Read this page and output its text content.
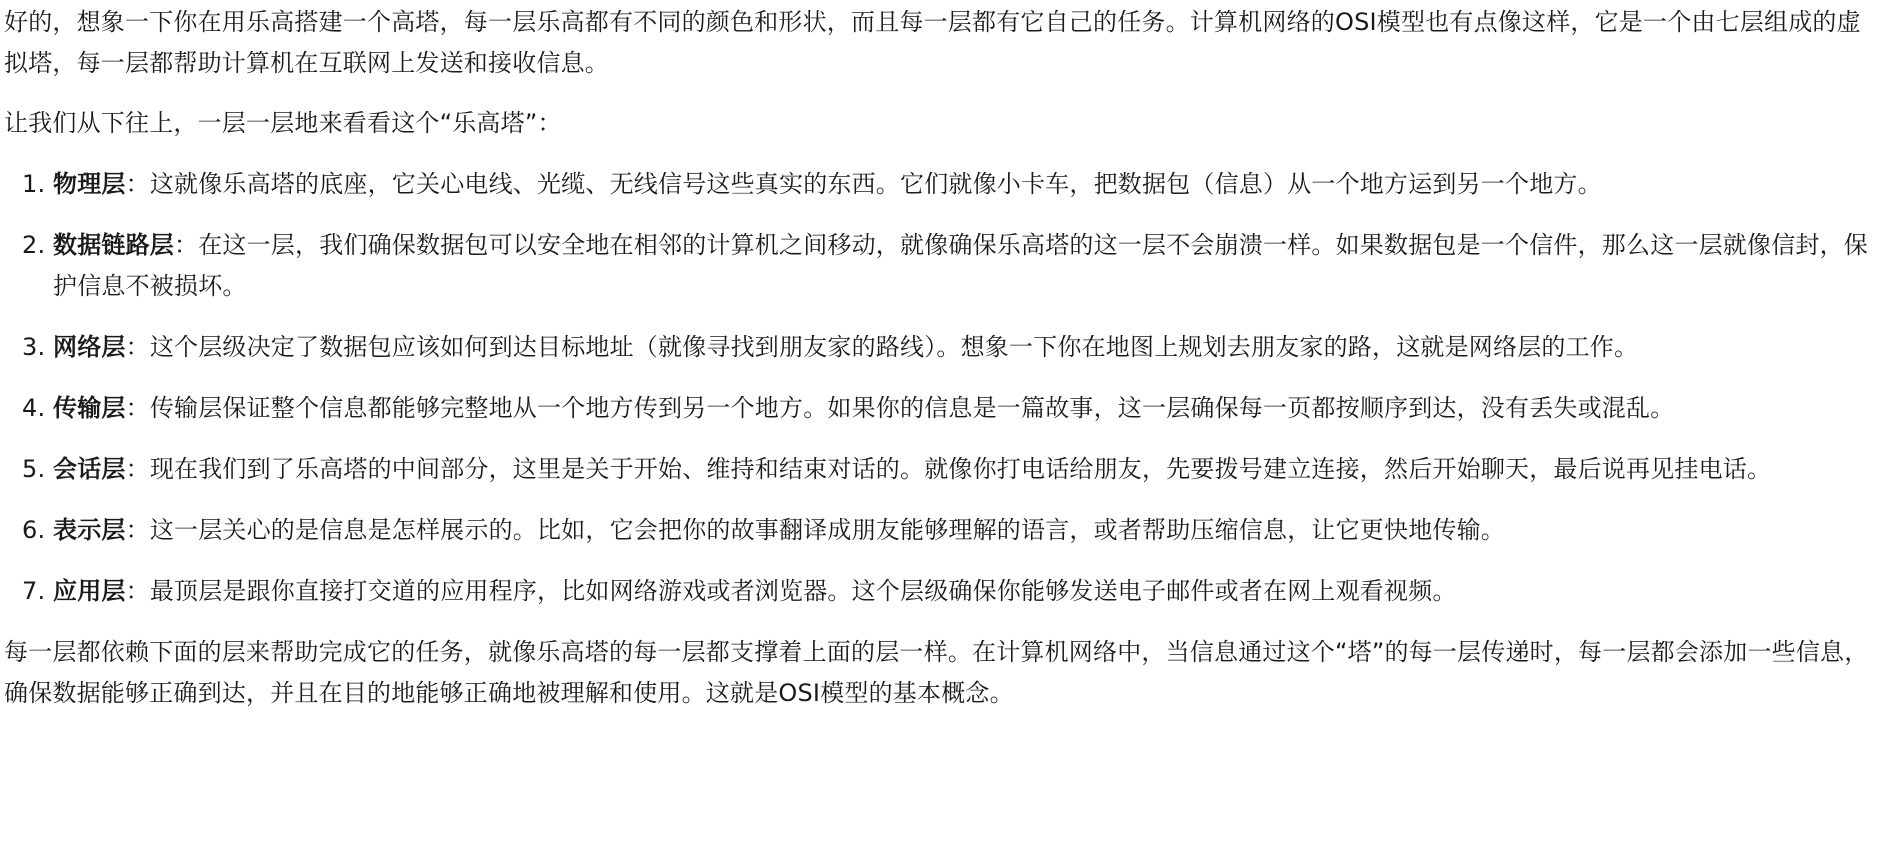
好的，想象一下你在用乐高搭建一个高塔，每一层乐高都有不同的颜色和形状，而且每一层都有它自己的任务。计算机网络的OSI模型也有点像这样，它是一个由七层组成的虚拟塔，每一层都帮助计算机在互联网上发送和接收信息。

让我们从下往上，一层一层地来看看这个“乐高塔”：

1. 物理层：这就像乐高塔的底座，它关心电线、光缆、无线信号这些真实的东西。它们就像小卡车，把数据包（信息）从一个地方运到另一个地方。
2. 数据链路层：在这一层，我们确保数据包可以安全地在相邻的计算机之间移动，就像确保乐高塔的这一层不会崩溃一样。如果数据包是一个信件，那么这一层就像信封，保护信息不被损坏。
3. 网络层：这个层级决定了数据包应该如何到达目标地址（就像寻找到朋友家的路线）。想象一下你在地图上规划去朋友家的路，这就是网络层的工作。
4. 传输层：传输层保证整个信息都能够完整地从一个地方传到另一个地方。如果你的信息是一篇故事，这一层确保每一页都按顺序到达，没有丢失或混乱。
5. 会话层：现在我们到了乐高塔的中间部分，这里是关于开始、维持和结束对话的。就像你打电话给朋友，先要拨号建立连接，然后开始聊天，最后说再见挂电话。
6. 表示层：这一层关心的是信息是怎样展示的。比如，它会把你的故事翻译成朋友能够理解的语言，或者帮助压缩信息，让它更快地传输。
7. 应用层：最顶层是跟你直接打交道的应用程序，比如网络游戏或者浏览器。这个层级确保你能够发送电子邮件或者在网上观看视频。

每一层都依赖下面的层来帮助完成它的任务，就像乐高塔的每一层都支撑着上面的层一样。在计算机网络中，当信息通过这个“塔”的每一层传递时，每一层都会添加一些信息，确保数据能够正确到达，并且在目的地能够正确地被理解和使用。这就是OSI模型的基本概念。
